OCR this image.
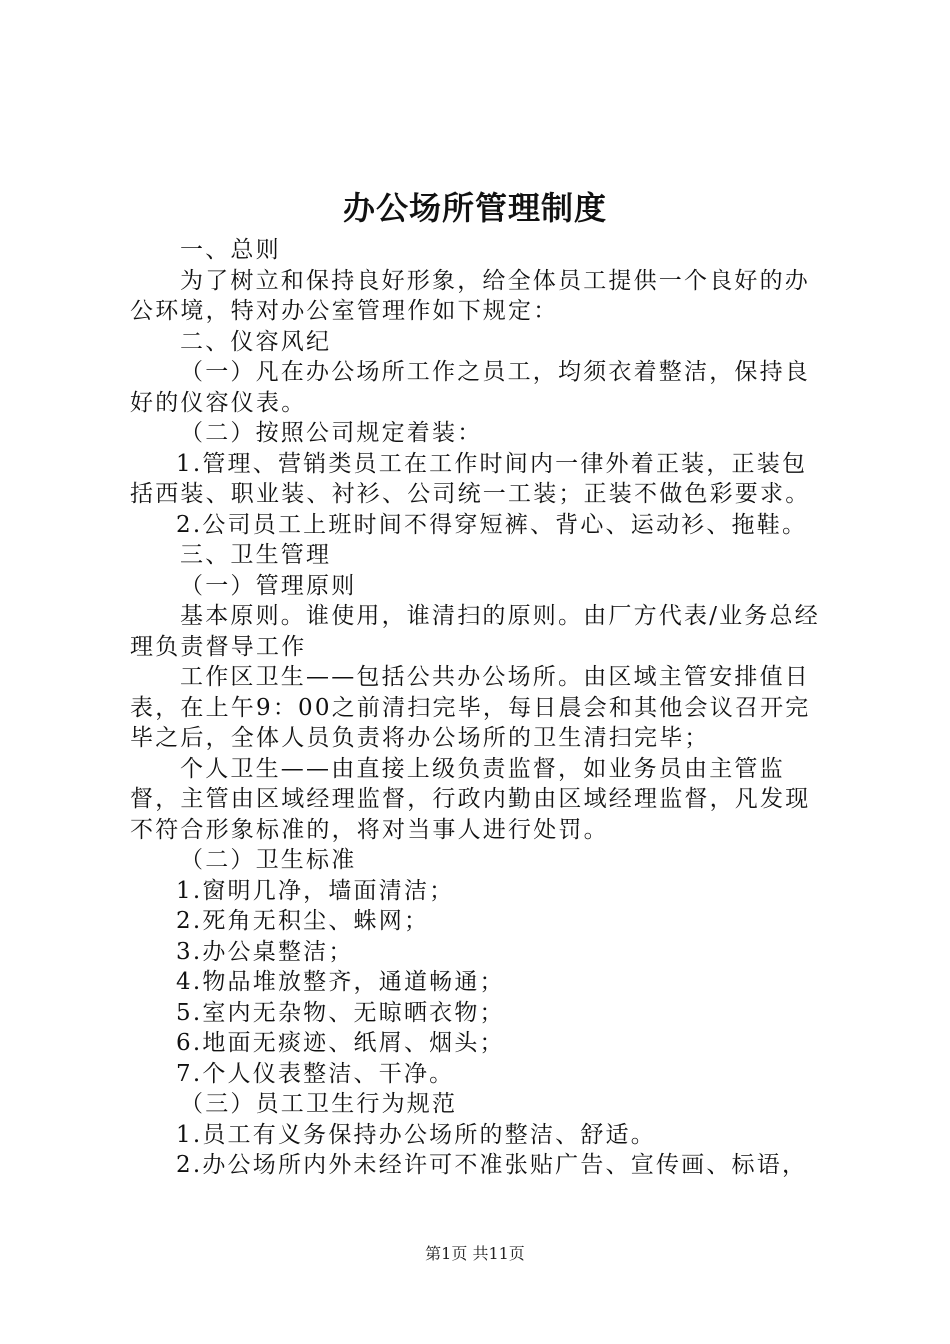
办公场所管理制度

一、总则

为了树立和保持良好形象，给全体员工提供一个良好的办公环境，特对办公室管理作如下规定：

二、仪容风纪

（一）凡在办公场所工作之员工，均须衣着整洁，保持良好的仪容仪表。

（二）按照公司规定着装：

1.管理、营销类员工在工作时间内一律外着正装，正装包括西装、职业装、衬衫、公司统一工装；正装不做色彩要求。

2.公司员工上班时间不得穿短裤、背心、运动衫、拖鞋。

三、卫生管理

（一）管理原则

基本原则。谁使用，谁清扫的原则。由厂方代表/业务总经理负责督导工作

工作区卫生——包括公共办公场所。由区域主管安排值日表，在上午9：00之前清扫完毕，每日晨会和其他会议召开完毕之后，全体人员负责将办公场所的卫生清扫完毕；

个人卫生——由直接上级负责监督，如业务员由主管监督，主管由区域经理监督，行政内勤由区域经理监督，凡发现不符合形象标准的，将对当事人进行处罚。

（二）卫生标准

1.窗明几净，墙面清洁；

2.死角无积尘、蛛网；

3.办公桌整洁；

4.物品堆放整齐，通道畅通；

5.室内无杂物、无晾晒衣物；

6.地面无痰迹、纸屑、烟头；

7.个人仪表整洁、干净。

（三）员工卫生行为规范

1.员工有义务保持办公场所的整洁、舒适。

2.办公场所内外未经许可不准张贴广告、宣传画、标语，

第1页 共11页
